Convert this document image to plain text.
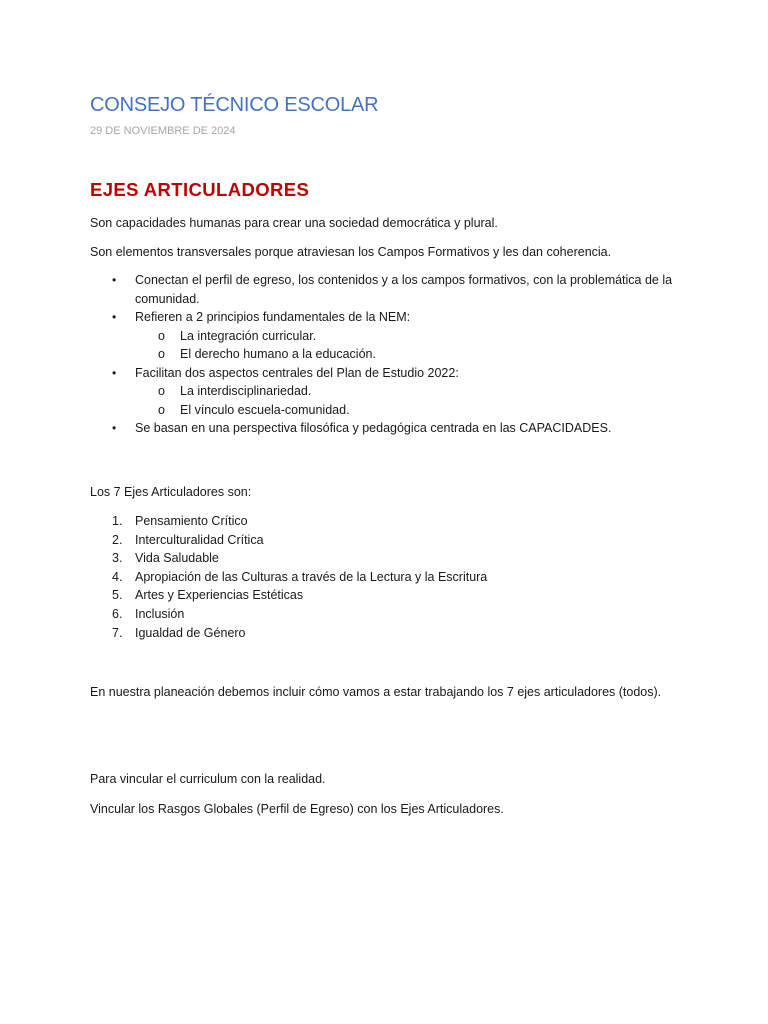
CONSEJO TÉCNICO ESCOLAR
29 DE NOVIEMBRE DE 2024
EJES ARTICULADORES

Son capacidades humanas para crear una sociedad democrática y plural.

Son elementos transversales porque atraviesan los Campos Formativos y les dan coherencia.

• Conectan el perfil de egreso, los contenidos y a los campos formativos, con la problemática de la comunidad.
• Refieren a 2 principios fundamentales de la NEM:
o La integración curricular.
o El derecho humano a la educación.
• Facilitan dos aspectos centrales del Plan de Estudio 2022:
o La interdisciplinariedad.
o El vínculo escuela-comunidad.
• Se basan en una perspectiva filosófica y pedagógica centrada en las CAPACIDADES.

Los 7 Ejes Articuladores son:

1. Pensamiento Crítico
2. Interculturalidad Crítica
3. Vida Saludable
4. Apropiación de las Culturas a través de la Lectura y la Escritura
5. Artes y Experiencias Estéticas
6. Inclusión
7. Igualdad de Género

En nuestra planeación debemos incluir cómo vamos a estar trabajando los 7 ejes articuladores (todos).

Para vincular el curriculum con la realidad.

Vincular los Rasgos Globales (Perfil de Egreso) con los Ejes Articuladores.
